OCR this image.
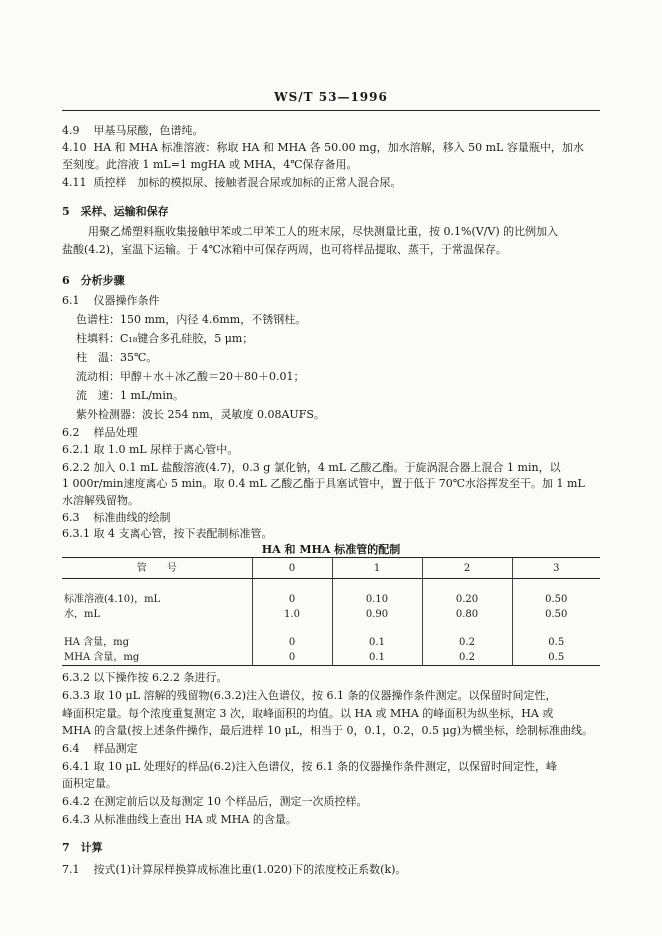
WS/T 53—1996
4.9 甲基马尿酸，色谱纯。
4.10 HA 和 MHA 标准溶液：称取 HA 和 MHA 各 50.00 mg，加水溶解，移入 50 mL 容量瓶中，加水
至刻度。此溶液 1 mL=1 mgHA 或 MHA，4℃保存备用。
4.11 质控样　加标的模拟尿、接触者混合尿或加标的正常人混合尿。
5　 采样、运输和保存
用聚乙烯塑料瓶收集接触甲苯或二甲苯工人的班末尿，尽快测量比重，按 0.1%(V/V) 的比例加入
盐酸(4.2)，室温下运输。于 4℃冰箱中可保存两周，也可将样品提取、蒸干，于常温保存。
6　 分析步骤
6.1 仪器操作条件
色谱柱：150 mm，内径 4.6mm，不锈钢柱。
柱填料：C₁₈键合多孔硅胶，5 μm；
柱　温：35℃。
流动相：甲醇＋水＋冰乙酸＝20＋80＋0.01；
流　速：1 mL/min。
紫外检测器：波长 254 nm，灵敏度 0.08AUFS。
6.2 样品处理
6.2.1 取 1.0 mL 尿样于离心管中。
6.2.2 加入 0.1 mL 盐酸溶液(4.7)，0.3 g 氯化钠，4 mL 乙酸乙酯。于旋涡混合器上混合 1 min，以
1 000r/min速度离心 5 min。取 0.4 mL 乙酸乙酯于具塞试管中，置于低于 70℃水浴挥发至干。加 1 mL
水溶解残留物。
6.3 标准曲线的绘制
6.3.1 取 4 支离心管，按下表配制标准管。
HA 和 MHA 标准管的配制
管　　号	0	1	2	3

标准溶液(4.10)，mL	0	0.10	0.20	0.50
水，mL	1.0	0.90	0.80	0.50

HA 含量，mg	0	0.1	0.2	0.5
MHA 含量，mg	0	0.1	0.2	0.5
6.3.2 以下操作按 6.2.2 条进行。
6.3.3 取 10 μL 溶解的残留物(6.3.2)注入色谱仪，按 6.1 条的仪器操作条件测定。以保留时间定性，
峰面积定量。每个浓度重复测定 3 次，取峰面积的均值。以 HA 或 MHA 的峰面积为纵坐标，HA 或
MHA 的含量(按上述条件操作，最后进样 10 μL，相当于 0，0.1，0.2，0.5 μg)为横坐标，绘制标准曲线。
6.4 样品测定
6.4.1 取 10 μL 处理好的样品(6.2)注入色谱仪，按 6.1 条的仪器操作条件测定，以保留时间定性，峰
面积定量。
6.4.2 在测定前后以及每测定 10 个样品后，测定一次质控样。
6.4.3 从标准曲线上查出 HA 或 MHA 的含量。
7　 计算
7.1 按式(1)计算尿样换算成标准比重(1.020)下的浓度校正系数(k)。
